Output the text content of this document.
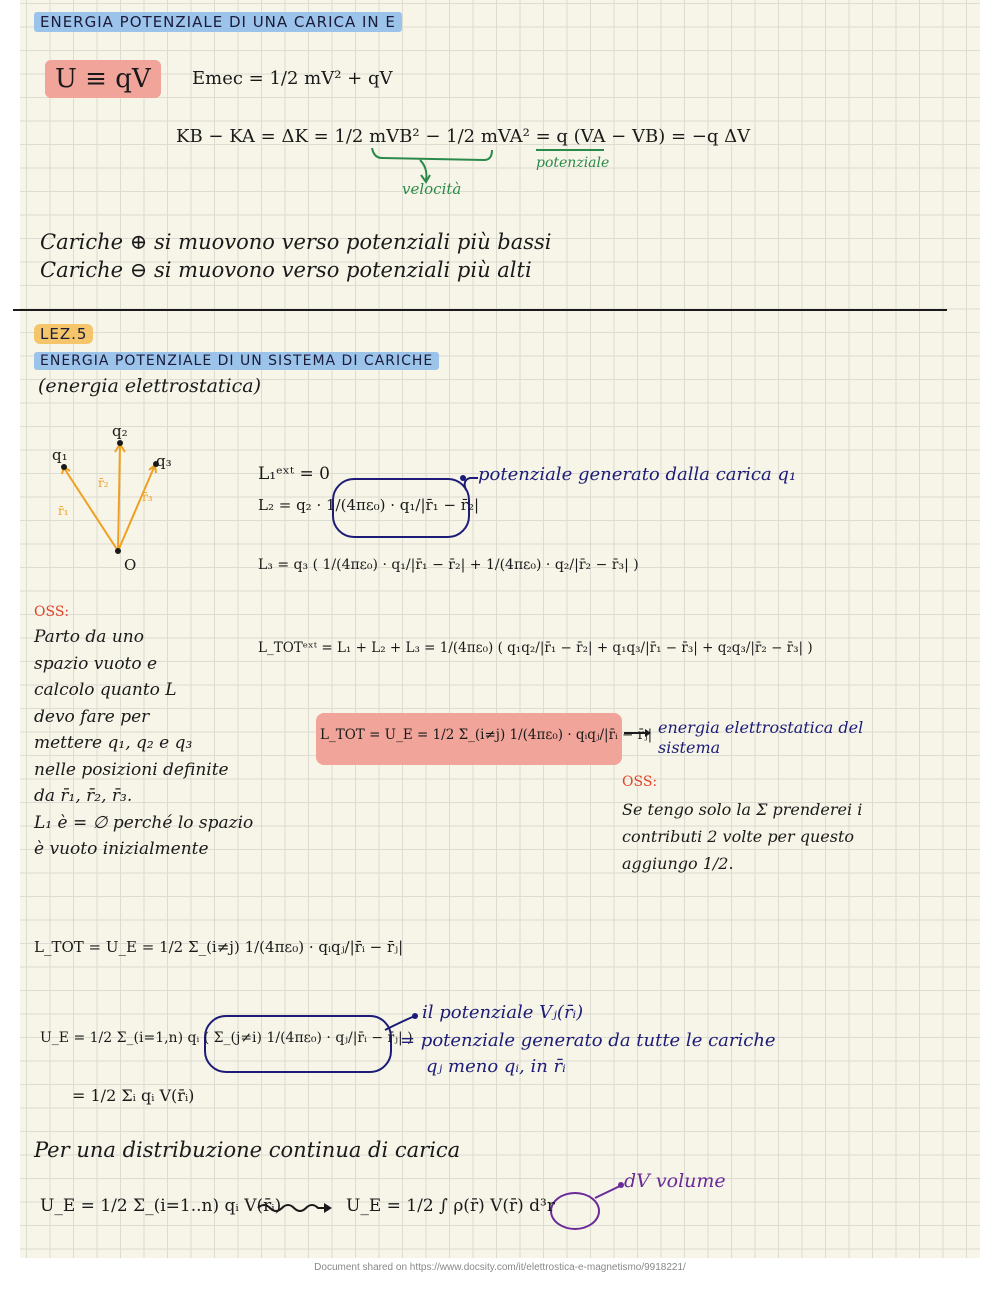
ENERGIA POTENZIALE DI UNA CARICA IN E
U ≡ qV	Emec = 1/2 mV² + qV
KB − KA = ΔK = 1/2 mVB² − 1/2 mVA² = q (VA − VB) = −q ΔV
potenziale
velocità
Cariche ⊕ si muovono verso potenziali più bassi
Cariche ⊖ si muovono verso potenziali più alti
LEZ.5
ENERGIA POTENZIALE DI UN SISTEMA DI CARICHE
(energia elettrostatica)
q₁
q₂
q₃
O
r̄₁
r̄₂
r̄₃
L₁ᵉˣᵗ = 0
L₂ = q₂ · 1/(4πε₀) · q₁/|r̄₁ − r̄₂|
potenziale generato dalla carica q₁
L₃ = q₃ ( 1/(4πε₀) · q₁/|r̄₁ − r̄₂| + 1/(4πε₀) · q₂/|r̄₂ − r̄₃| )
OSS:
Parto da uno
spazio vuoto e
calcolo quanto L
devo fare per
mettere q₁, q₂ e q₃
nelle posizioni definite
da r̄₁, r̄₂, r̄₃.
L₁ è = ∅ perché lo spazio
è vuoto inizialmente
L_TOTᵉˣᵗ = L₁ + L₂ + L₃ = 1/(4πε₀) ( q₁q₂/|r̄₁ − r̄₂| + q₁q₃/|r̄₁ − r̄₃| + q₂q₃/|r̄₂ − r̄₃| )
L_TOT = U_E = 1/2 Σ_(i≠j) 1/(4πε₀) · qᵢqⱼ/|r̄ᵢ − r̄ⱼ| energia elettrostatica del
sistema
OSS:
Se tengo solo la Σ prenderei i
contributi 2 volte per questo
aggiungo 1/2.
L_TOT = U_E = 1/2 Σ_(i≠j) 1/(4πε₀) · qᵢqⱼ/|r̄ᵢ − r̄ⱼ|
U_E = 1/2 Σ_(i=1,n) qᵢ ( Σ_(j≠i) 1/(4πε₀) · qⱼ/|r̄ᵢ − r̄ⱼ| )
il potenziale Vⱼ(r̄ᵢ)
= potenziale generato da tutte le cariche
qⱼ meno qᵢ, in r̄ᵢ
= 1/2 Σᵢ qᵢ V(r̄ᵢ)
Per una distribuzione continua di carica
U_E = 1/2 Σ_(i=1..n) qᵢ V(r̄ᵢ)	U_E = 1/2 ∫ ρ(r̄) V(r̄) d³r
dV volume
Document shared on https://www.docsity.com/it/elettrostica-e-magnetismo/9918221/
